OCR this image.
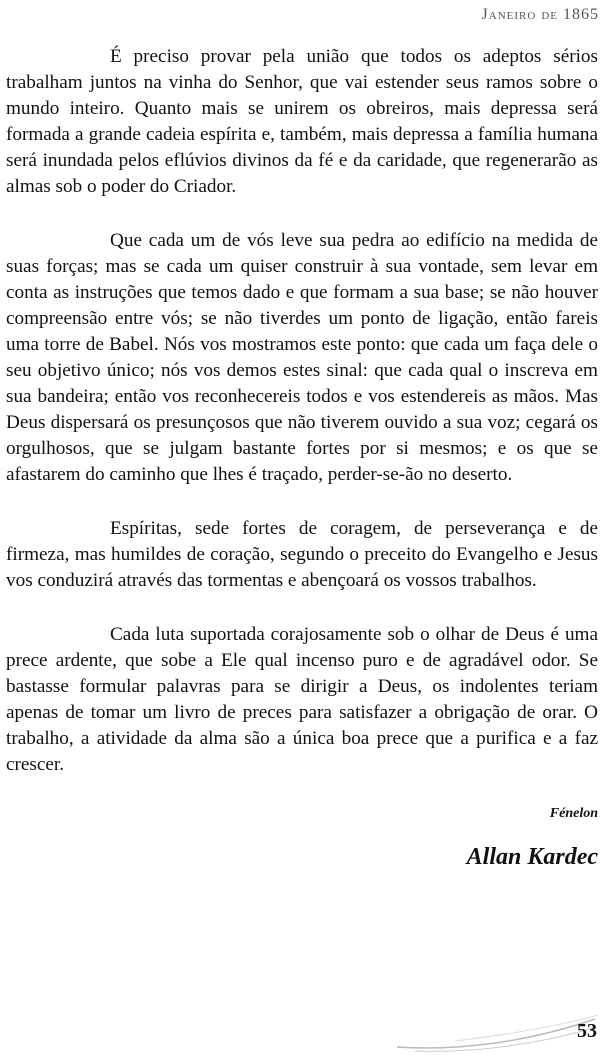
Janeiro de 1865

É preciso provar pela união que todos os adeptos sérios trabalham juntos na vinha do Senhor, que vai estender seus ramos sobre o mundo inteiro. Quanto mais se unirem os obreiros, mais depressa será formada a grande cadeia espírita e, também, mais depressa a família humana será inundada pelos eflúvios divinos da fé e da caridade, que regenerarão as almas sob o poder do Criador.

Que cada um de vós leve sua pedra ao edifício na medida de suas forças; mas se cada um quiser construir à sua vontade, sem levar em conta as instruções que temos dado e que formam a sua base; se não houver compreensão entre vós; se não tiverdes um ponto de ligação, então fareis uma torre de Babel. Nós vos mostramos este ponto: que cada um faça dele o seu objetivo único; nós vos demos estes sinal: que cada qual o inscreva em sua bandeira; então vos reconhecereis todos e vos estendereis as mãos. Mas Deus dispersará os presunçosos que não tiverem ouvido a sua voz; cegará os orgulhosos, que se julgam bastante fortes por si mesmos; e os que se afastarem do caminho que lhes é traçado, perder-se-ão no deserto.

Espíritas, sede fortes de coragem, de perseverança e de firmeza, mas humildes de coração, segundo o preceito do Evangelho e Jesus vos conduzirá através das tormentas e abençoará os vossos trabalhos.

Cada luta suportada corajosamente sob o olhar de Deus é uma prece ardente, que sobe a Ele qual incenso puro e de agradável odor. Se bastasse formular palavras para se dirigir a Deus, os indolentes teriam apenas de tomar um livro de preces para satisfazer a obrigação de orar. O trabalho, a atividade da alma são a única boa prece que a purifica e a faz crescer.

Fénelon
Allan Kardec
53
